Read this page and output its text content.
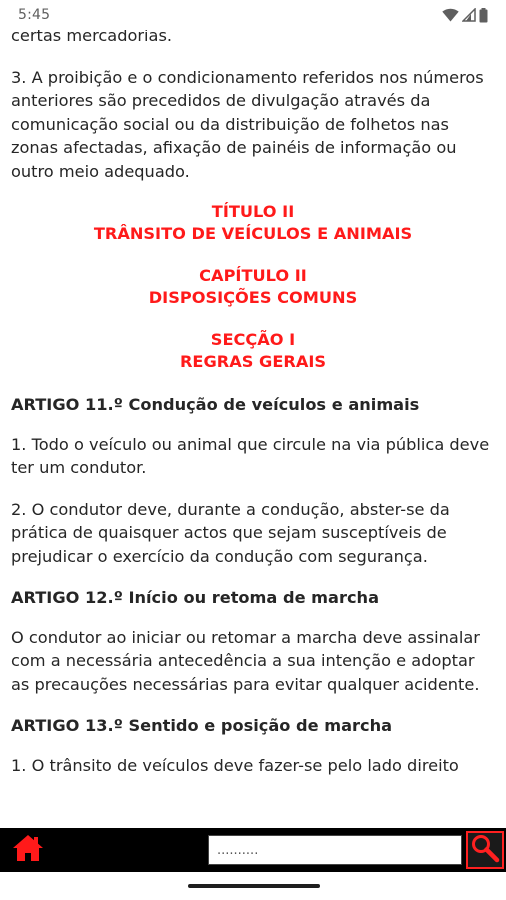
5:45

certas mercadorias.

3. A proibição e o condicionamento referidos nos números anteriores são precedidos de divulgação através da comunicação social ou da distribuição de folhetos nas zonas afectadas, afixação de painéis de informação ou outro meio adequado.

TÍTULO II
TRÂNSITO DE VEÍCULOS E ANIMAIS
CAPÍTULO II
DISPOSIÇÕES COMUNS
SECÇÃO I
REGRAS GERAIS

ARTIGO 11.º Condução de veículos e animais

1. Todo o veículo ou animal que circule na via pública deve ter um condutor.

2. O condutor deve, durante a condução, abster-se da prática de quaisquer actos que sejam susceptíveis de prejudicar o exercício da condução com segurança.

ARTIGO 12.º Início ou retoma de marcha

O condutor ao iniciar ou retomar a marcha deve assinalar com a necessária antecedência a sua intenção e adoptar as precauções necessárias para evitar qualquer acidente.

ARTIGO 13.º Sentido e posição de marcha

1. O trânsito de veículos deve fazer-se pelo lado direito

..........
